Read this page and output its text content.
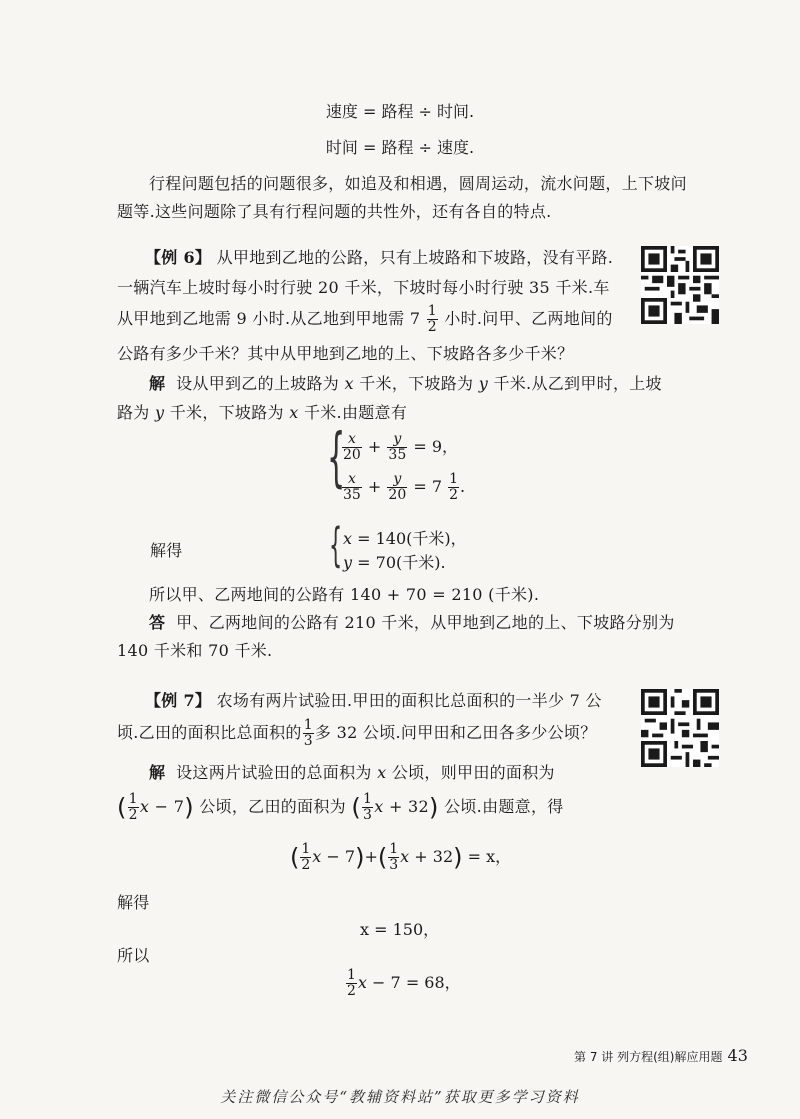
速度 = 路程 ÷ 时间.
时间 = 路程 ÷ 速度.
行程问题包括的问题很多，如追及和相遇，圆周运动，流水问题，上下坡问
题等.这些问题除了具有行程问题的共性外，还有各自的特点.
【例 6】 从甲地到乙地的公路，只有上坡路和下坡路，没有平路.
一辆汽车上坡时每小时行驶 20 千米，下坡时每小时行驶 35 千米.车
从甲地到乙地需 9 小时.从乙地到甲地需 $7 \frac{1}{2}$ 小时.问甲、乙两地间的
公路有多少千米？其中从甲地到乙地的上、下坡路各多少千米？
解 设从甲到乙的上坡路为 x 千米，下坡路为 y 千米.从乙到甲时，上坡
路为 y 千米，下坡路为 x 千米.由题意有
{
$\frac{x}{20} + \frac{y}{35} = 9$，
$\frac{x}{35} + \frac{y}{20} = 7 \frac{1}{2}$ .
解得	{ x = 140(千米)，
y = 70(千米).
所以甲、乙两地间的公路有 140 + 70 = 210 (千米).
答 甲、乙两地间的公路有 210 千米，从甲地到乙地的上、下坡路分别为
140 千米和 70 千米.
【例 7】 农场有两片试验田.甲田的面积比总面积的一半少 7 公
顷.乙田的面积比总面积的 $\frac{1}{3}$ 多 32 公顷.问甲田和乙田各多少公顷？
解 设这两片试验田的总面积为 x 公顷，则甲田的面积为
( $\frac{1}{2}$ x − 7) 公顷，乙田的面积为 ( $\frac{1}{3}$ x + 32) 公顷.由题意，得
( $\frac{1}{2}$ $x - 7)+( \frac{1}{3}$ x + 32) = x，
解得
x = 150，
所以
$\frac{1}{2}$ x − 7 = 68，
第 7 讲 列方程(组)解应用题 43
关注微信公众号“教辅资料站”获取更多学习资料
